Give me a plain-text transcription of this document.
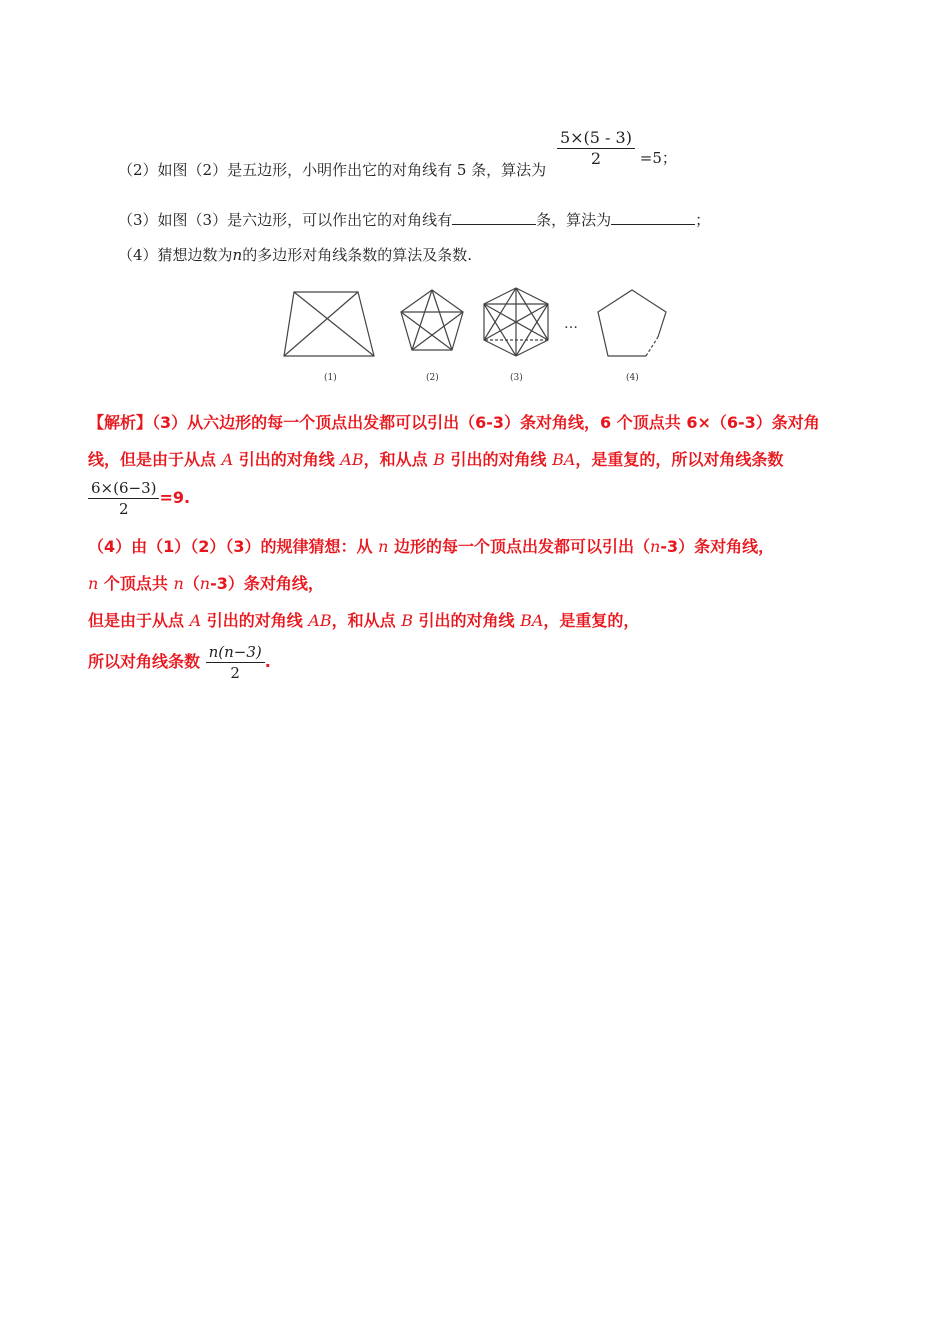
（2）如图（2）是五边形，小明作出它的对角线有 5 条，算法为
$\frac{5\times(5 - 3)}{2} =5$；
（3）如图（3）是六边形，可以作出它的对角线有	条，算法为	；
（4）猜想边数为n的多边形对角线条数的算法及条数.
…
(1)	(2)	(3)	(4)
【解析】（3）从六边形的每一个顶点出发都可以引出（6-3）条对角线，6 个顶点共 6×（6-3）条对角
线，但是由于从点 A 引出的对角线 AB，和从点 B 引出的对角线 BA，是重复的，所以对角线条数
$\frac{6\times(6-3)}{2} =9$.
（4）由（1）（2）（3）的规律猜想：从 n 边形的每一个顶点出发都可以引出（n-3）条对角线，
n 个顶点共 n（n-3）条对角线，
但是由于从点 A 引出的对角线 AB，和从点 B 引出的对角线 BA，是重复的，
所以对角线条数 $\frac{n(n-3)}{2}$ .
